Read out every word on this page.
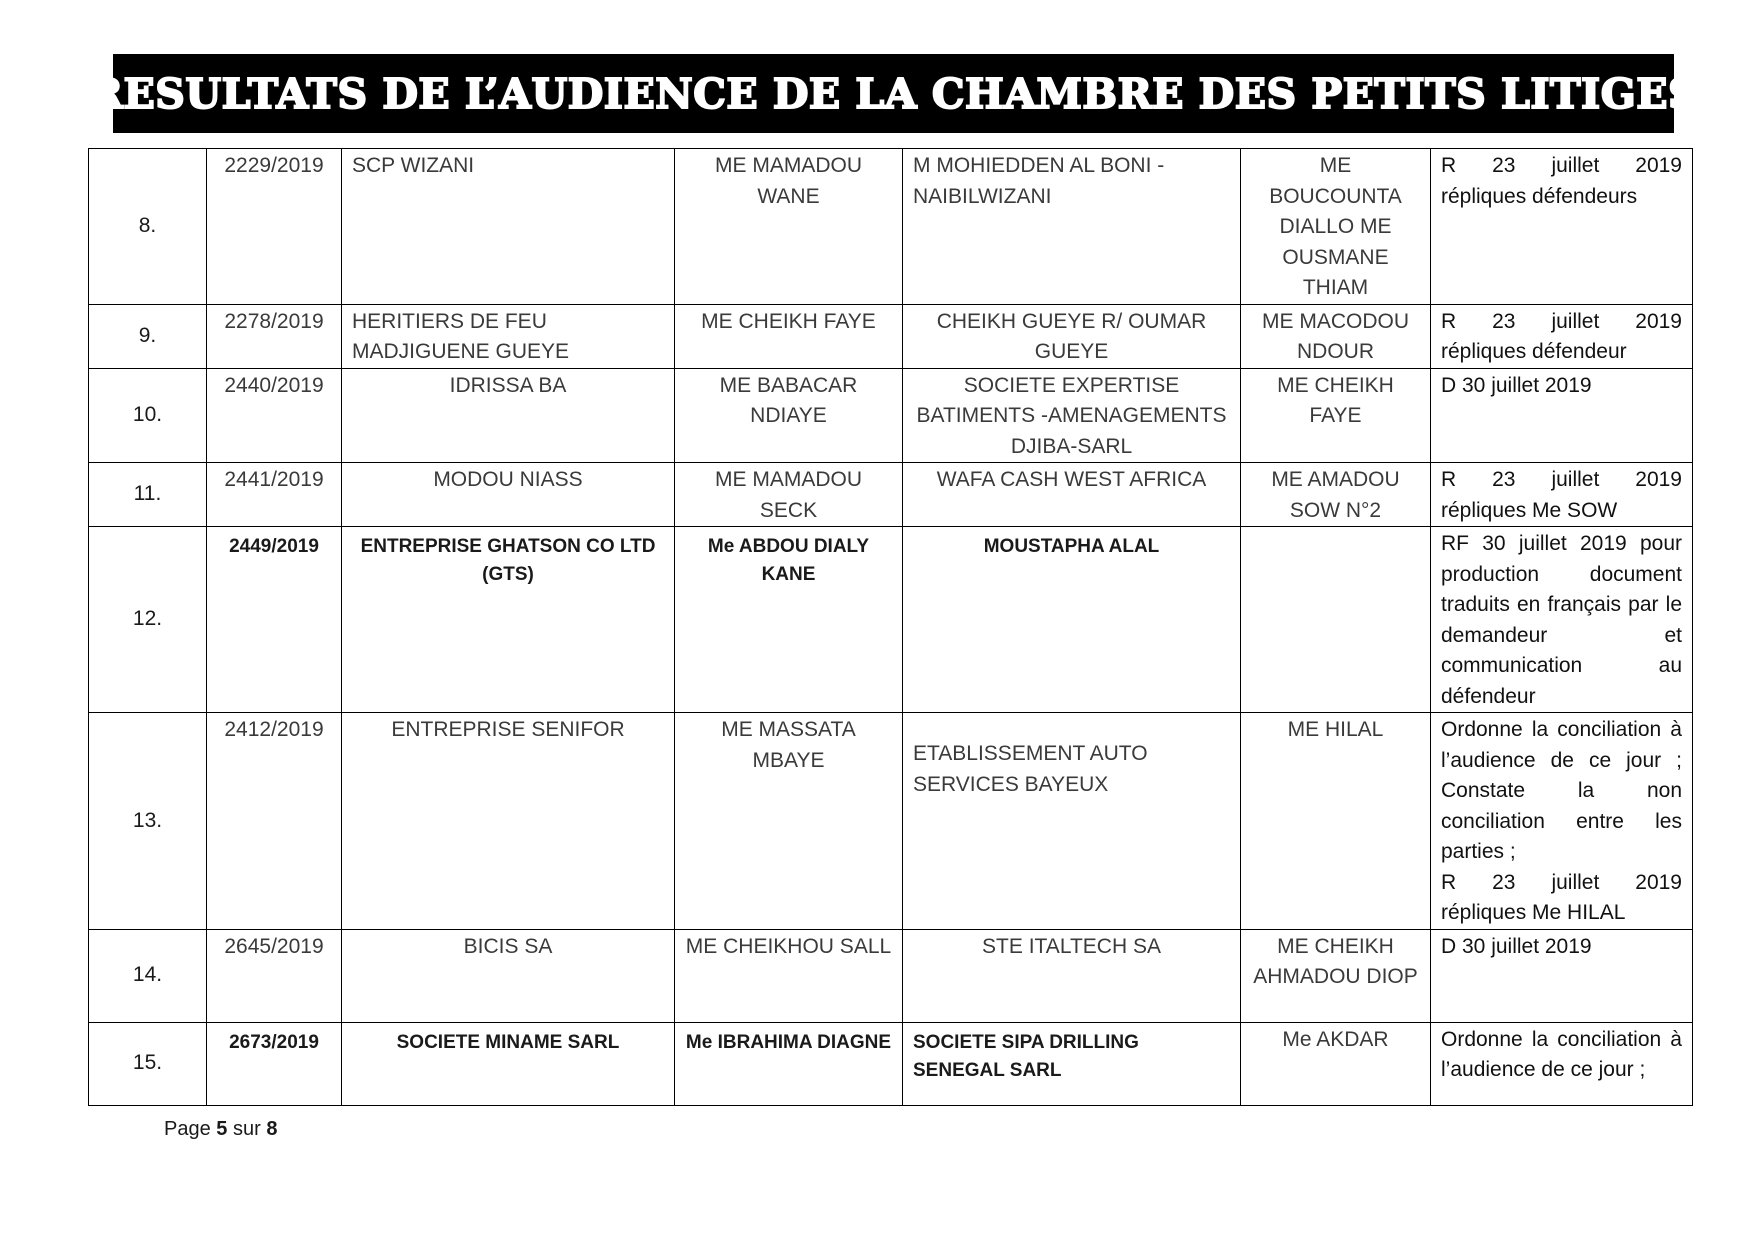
RESULTATS DE L’AUDIENCE DE LA CHAMBRE DES PETITS LITIGES
8.	2229/2019	SCP WIZANI	ME MAMADOU WANE	M MOHIEDDEN AL BONI -NAIBILWIZANI	ME BOUCOUNTA DIALLO ME OUSMANE THIAM	R 23 juillet 2019
répliques défendeurs

9.	2278/2019	HERITIERS DE FEU MADJIGUENE GUEYE	ME CHEIKH FAYE	CHEIKH GUEYE R/ OUMAR GUEYE	ME MACODOU NDOUR	R 23 juillet 2019
répliques défendeur

10.	2440/2019	IDRISSA BA	ME BABACAR NDIAYE	SOCIETE EXPERTISE BATIMENTS -AMENAGEMENTS DJIBA-SARL	ME CHEIKH FAYE	D 30 juillet 2019
11.	2441/2019	MODOU NIASS	ME MAMADOU SECK	WAFA CASH WEST AFRICA	ME AMADOU SOW N°2	R 23 juillet 2019
répliques Me SOW

12.	2449/2019	ENTREPRISE GHATSON CO LTD (GTS)	Me ABDOU DIALY KANE	MOUSTAPHA ALAL		RF 30 juillet 2019 pour production document traduits en français par le demandeur et communication au défendeur
13.	2412/2019	ENTREPRISE SENIFOR	ME MASSATA MBAYE	ETABLISSEMENT AUTO SERVICES BAYEUX	ME HILAL	Ordonne la conciliation à l’audience de ce jour ; Constate la non conciliation entre les parties ;
R 23 juillet 2019
répliques Me HILAL

14.	2645/2019	BICIS SA	ME CHEIKHOU SALL	STE ITALTECH SA	ME CHEIKH AHMADOU DIOP	D 30 juillet 2019
15.	2673/2019	SOCIETE MINAME SARL	Me IBRAHIMA DIAGNE	SOCIETE SIPA DRILLING SENEGAL SARL	Me AKDAR	Ordonne la conciliation à l’audience de ce jour ;
Page 5 sur 8
